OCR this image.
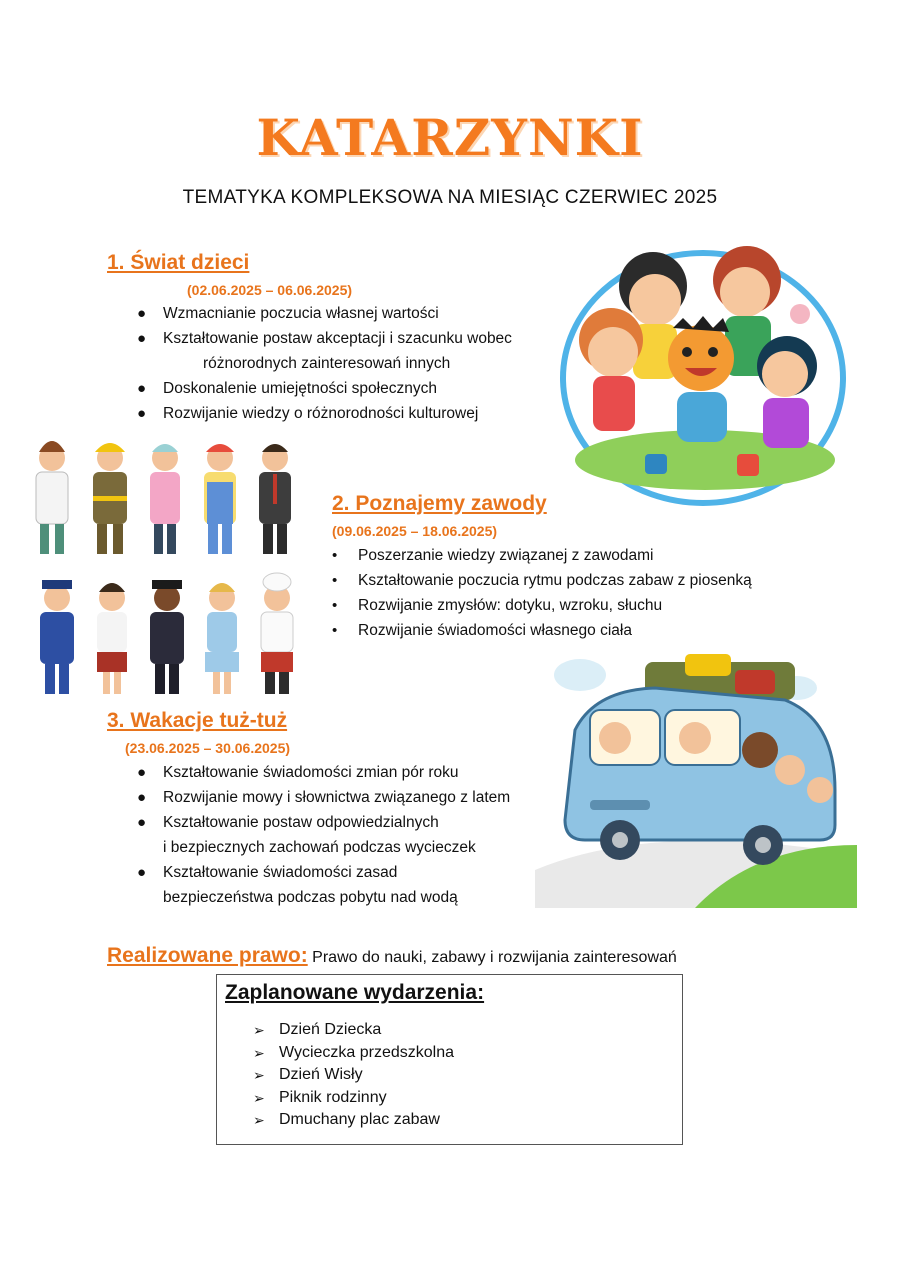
KATARZYNKI
TEMATYKA KOMPLEKSOWA NA MIESIĄC CZERWIEC 2025
1. Świat dzieci
(02.06.2025 – 06.06.2025)
● Wzmacnianie poczucia własnej wartości
● Kształtowanie postaw akceptacji i szacunku wobec
różnorodnych zainteresowań innych
● Doskonalenie umiejętności społecznych
● Rozwijanie wiedzy o różnorodności kulturowej
2. Poznajemy zawody
(09.06.2025 – 18.06.2025)
• Poszerzanie wiedzy związanej z zawodami
• Kształtowanie poczucia rytmu podczas zabaw z piosenką
• Rozwijanie zmysłów: dotyku, wzroku, słuchu
• Rozwijanie świadomości własnego ciała
3. Wakacje tuż-tuż
(23.06.2025 – 30.06.2025)
● Kształtowanie świadomości zmian pór roku
● Rozwijanie mowy i słownictwa związanego z latem
● Kształtowanie postaw odpowiedzialnych
i bezpiecznych zachowań podczas wycieczek
● Kształtowanie świadomości zasad
bezpieczeństwa podczas pobytu nad wodą
Realizowane prawo: Prawo do nauki, zabawy i rozwijania zainteresowań
Zaplanowane wydarzenia:
➢ Dzień Dziecka
➢ Wycieczka przedszkolna
➢ Dzień Wisły
➢ Piknik rodzinny
➢ Dmuchany plac zabaw
